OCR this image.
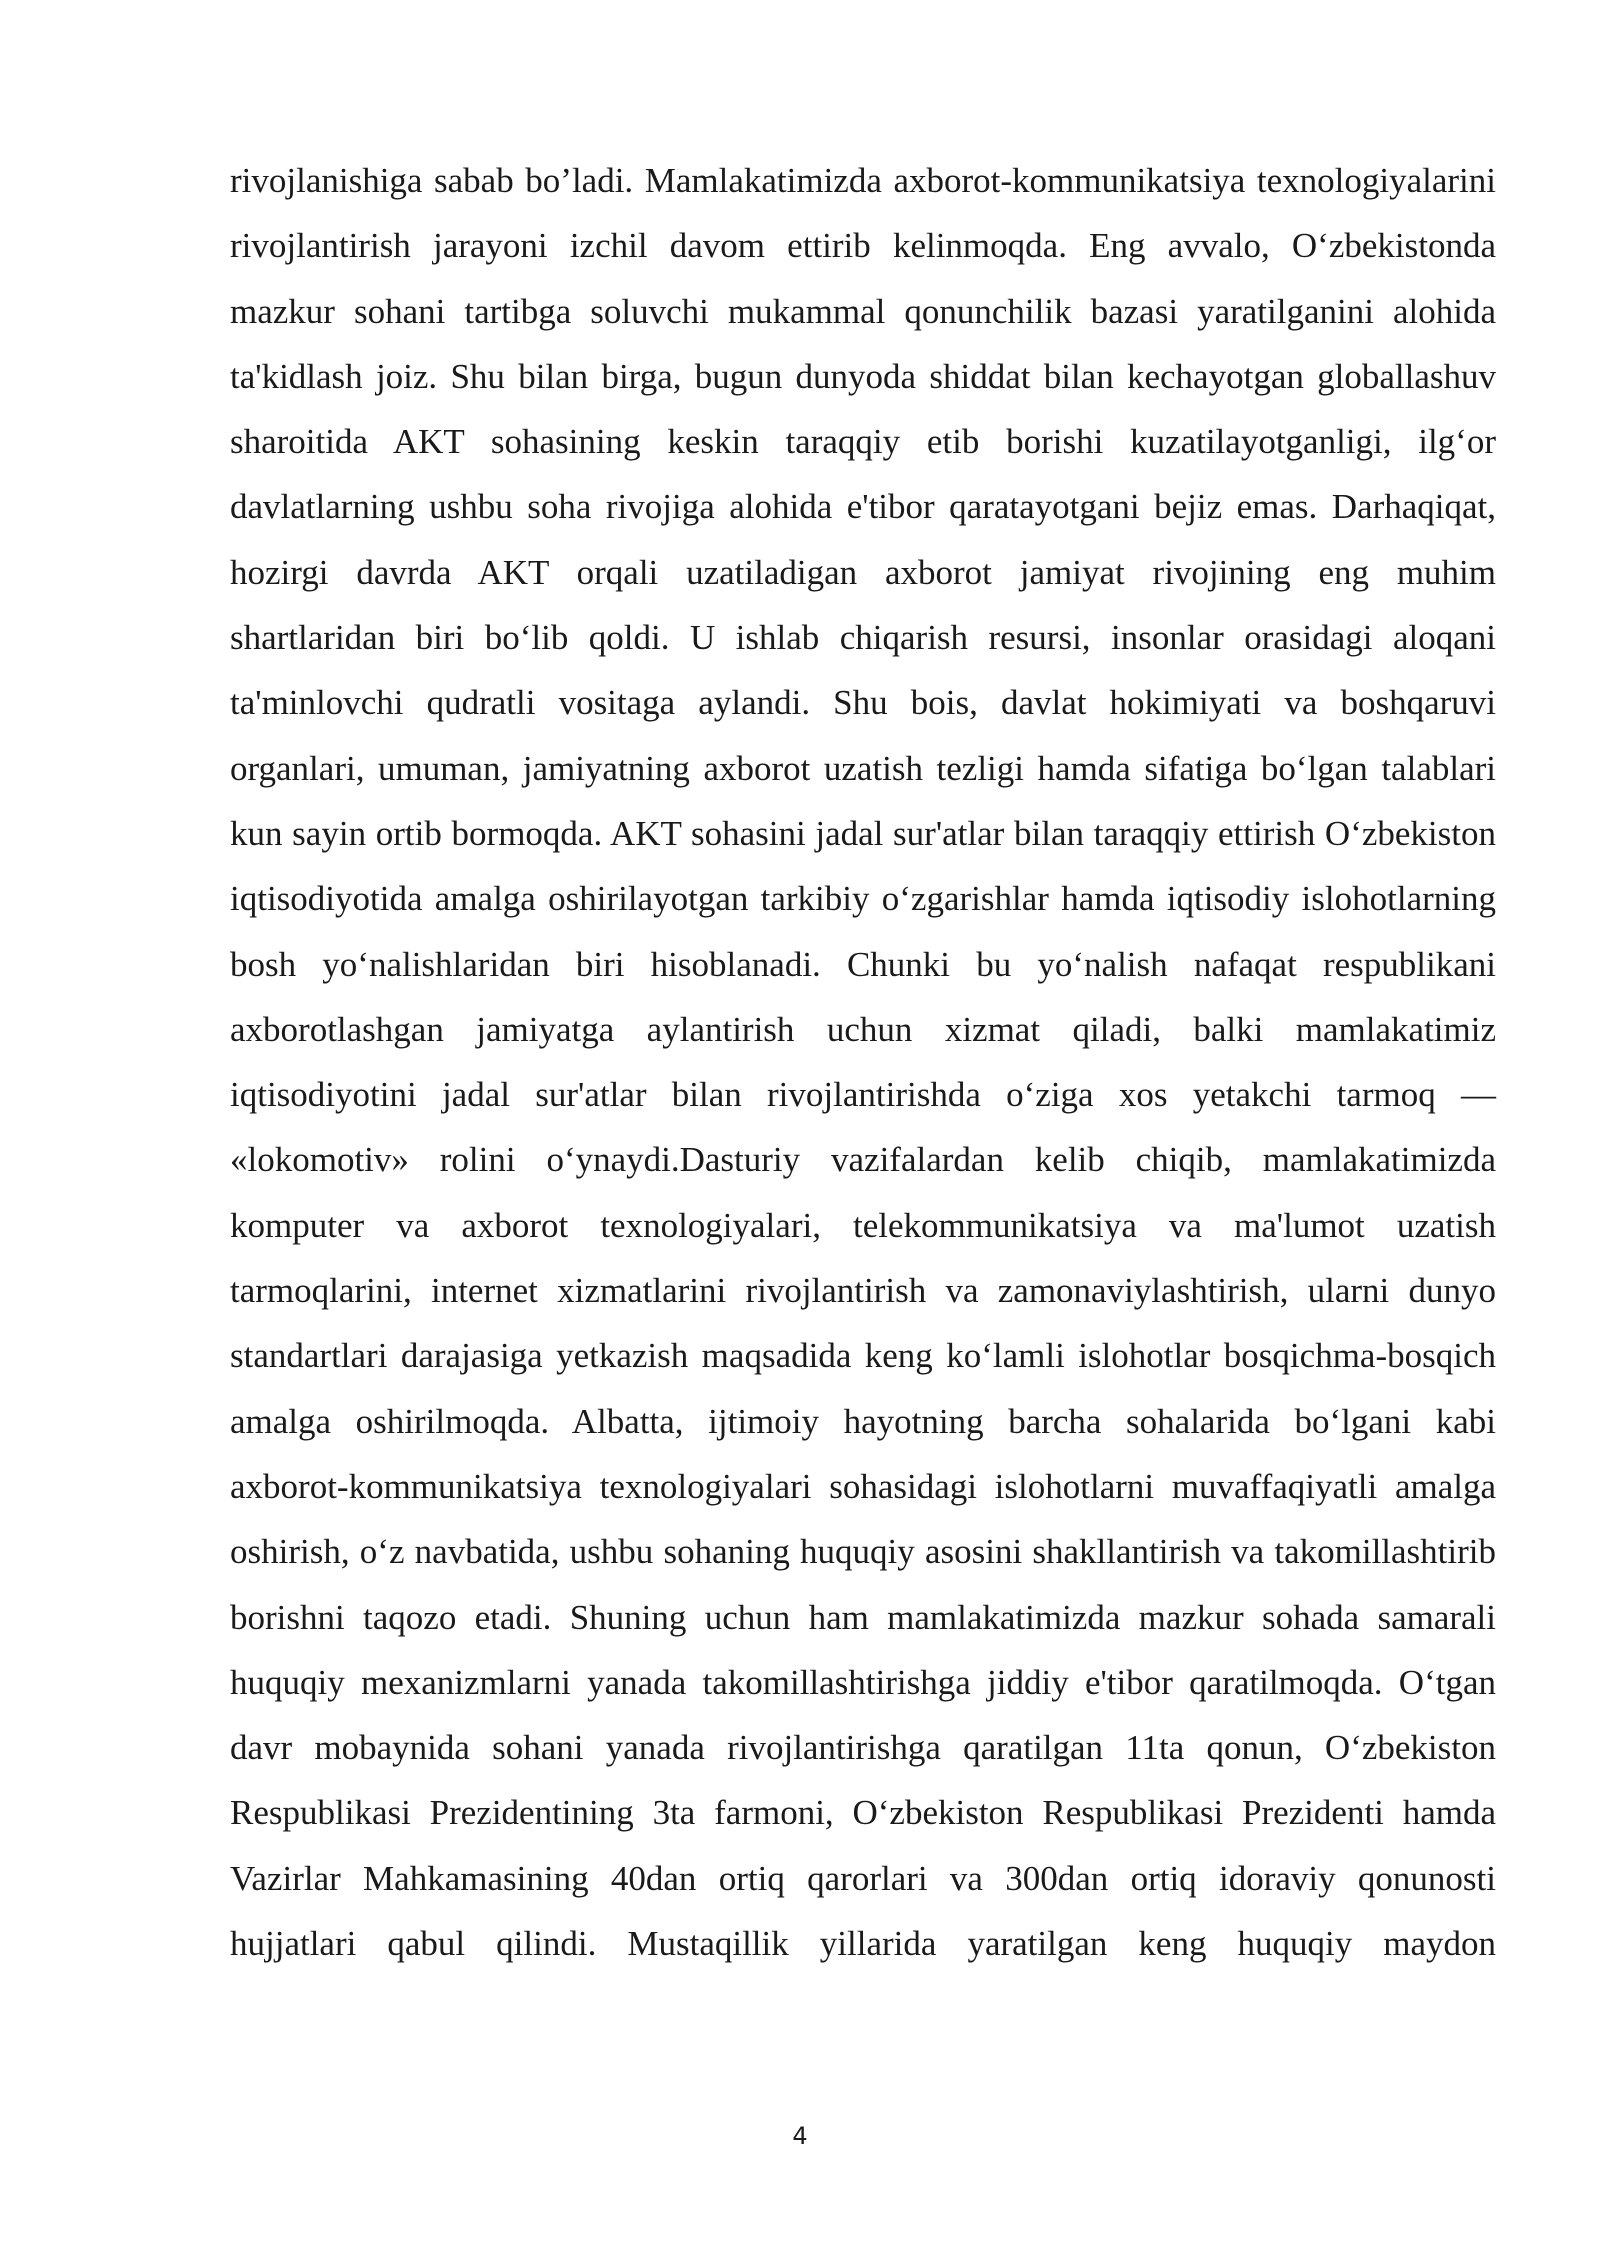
rivojlanishiga sabab bo’ladi. Mamlakatimizda axborot-kommunikatsiya texnologiyalarini rivojlantirish jarayoni izchil davom ettirib kelinmoqda. Eng avvalo, O‘zbekistonda mazkur sohani tartibga soluvchi mukammal qonunchilik bazasi yaratilganini alohida ta'kidlash joiz. Shu bilan birga, bugun dunyoda shiddat bilan kechayotgan globallashuv sharoitida AKT sohasining keskin taraqqiy etib borishi kuzatilayotganligi, ilg‘or davlatlarning ushbu soha rivojiga alohida e'tibor qaratayotgani bejiz emas. Darhaqiqat, hozirgi davrda AKT orqali uzatiladigan axborot jamiyat rivojining eng muhim shartlaridan biri bo‘lib qoldi. U ishlab chiqarish resursi, insonlar orasidagi aloqani ta'minlovchi qudratli vositaga aylandi. Shu bois, davlat hokimiyati va boshqaruvi organlari, umuman, jamiyatning axborot uzatish tezligi hamda sifatiga bo‘lgan talablari kun sayin ortib bormoqda. AKT sohasini jadal sur'atlar bilan taraqqiy ettirish O‘zbekiston iqtisodiyotida amalga oshirilayotgan tarkibiy o‘zgarishlar hamda iqtisodiy islohotlarning bosh yo‘nalishlaridan biri hisoblanadi. Chunki bu yo‘nalish nafaqat respublikani axborotlashgan jamiyatga aylantirish uchun xizmat qiladi, balki mamlakatimiz iqtisodiyotini jadal sur'atlar bilan rivojlantirishda o‘ziga xos yetakchi tarmoq — «lokomotiv» rolini o‘ynaydi.Dasturiy vazifalardan kelib chiqib, mamlakatimizda komputer va axborot texnologiyalari, telekommunikatsiya va ma'lumot uzatish tarmoqlarini, internet xizmatlarini rivojlantirish va zamonaviylashtirish, ularni dunyo standartlari darajasiga yetkazish maqsadida keng ko‘lamli islohotlar bosqichma-bosqich amalga oshirilmoqda. Albatta, ijtimoiy hayotning barcha sohalarida bo‘lgani kabi axborot-kommunikatsiya texnologiyalari sohasidagi islohotlarni muvaffaqiyatli amalga oshirish, o‘z navbatida, ushbu sohaning huquqiy asosini shakllantirish va takomillashtirib borishni taqozo etadi. Shuning uchun ham mamlakatimizda mazkur sohada samarali huquqiy mexanizmlarni yanada takomillashtirishga jiddiy e'tibor qaratilmoqda. O‘tgan davr mobaynida sohani yanada rivojlantirishga qaratilgan 11ta qonun, O‘zbekiston Respublikasi Prezidentining 3ta farmoni, O‘zbekiston Respublikasi Prezidenti hamda Vazirlar Mahkamasining 40dan ortiq qarorlari va 300dan ortiq idoraviy qonunosti hujjatlari qabul qilindi. Mustaqillik yillarida yaratilgan keng huquqiy maydon

4
